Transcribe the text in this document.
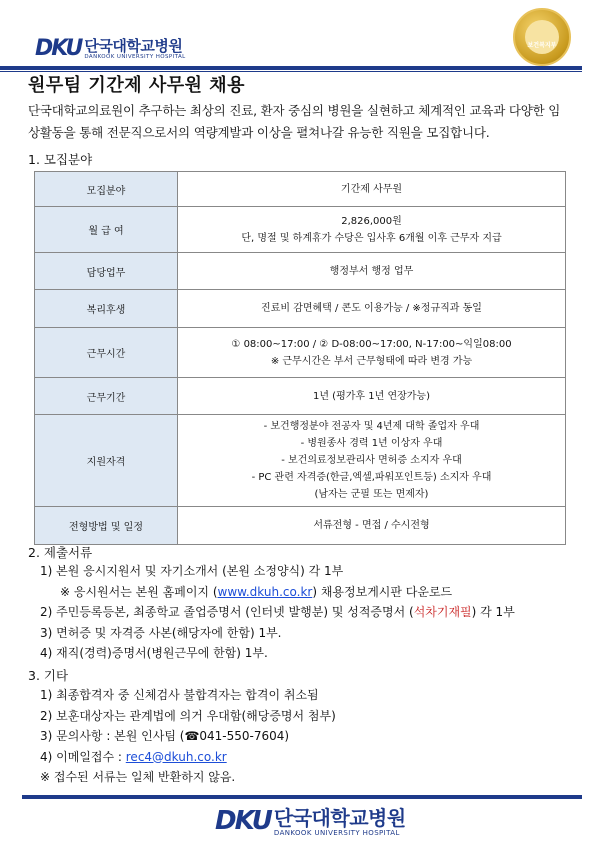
DKU 단국대학교병원
DANKOOK UNIVERSITY HOSPITAL
보건복지부
원무팀 기간제 사무원 채용
단국대학교의료원이 추구하는 최상의 진료, 환자 중심의 병원을 실현하고 체계적인 교육과 다양한 임상활동을 통해 전문직으로서의 역량계발과 이상을 펼쳐나갈 유능한 직원을 모집합니다.
1. 모집분야
모집분야	기간제 사무원

월 급 여	2,826,000원
단, 명절 및 하계휴가 수당은 입사후 6개월 이후 근무자 지급

담당업무	행정부서 행정 업무

복리후생	진료비 감면혜택 / 콘도 이용가능 / ※정규직과 동일

근무시간	① 08:00~17:00 / ② D-08:00~17:00, N-17:00~익일08:00
※ 근무시간은 부서 근무형태에 따라 변경 가능

근무기간	1년 (평가후 1년 연장가능)

지원자격	- 보건행정분야 전공자 및 4년제 대학 졸업자 우대
- 병원종사 경력 1년 이상자 우대
- 보건의료정보관리사 면허증 소지자 우대
- PC 관련 자격증(한글,엑셀,파워포인트등) 소지자 우대
(남자는 군필 또는 면제자)

전형방법 및 일정	서류전형 - 면접 / 수시전형
2. 제출서류
1) 본원 응시지원서 및 자기소개서 (본원 소정양식) 각 1부
※ 응시원서는 본원 홈페이지 (www.dkuh.co.kr) 채용정보게시판 다운로드
2) 주민등록등본, 최종학교 졸업증명서 (인터넷 발행분) 및 성적증명서 (석차기재필) 각 1부
3) 면허증 및 자격증 사본(해당자에 한함) 1부.
4) 재직(경력)증명서(병원근무에 한함) 1부.
3. 기타
1) 최종합격자 중 신체검사 불합격자는 합격이 취소됨
2) 보훈대상자는 관계법에 의거 우대함(해당증명서 첨부)
3) 문의사항 : 본원 인사팀 (☎041-550-7604)
4) 이메일접수 : rec4@dkuh.co.kr
※ 접수된 서류는 일체 반환하지 않음.
DKU 단국대학교병원
DANKOOK UNIVERSITY HOSPITAL
